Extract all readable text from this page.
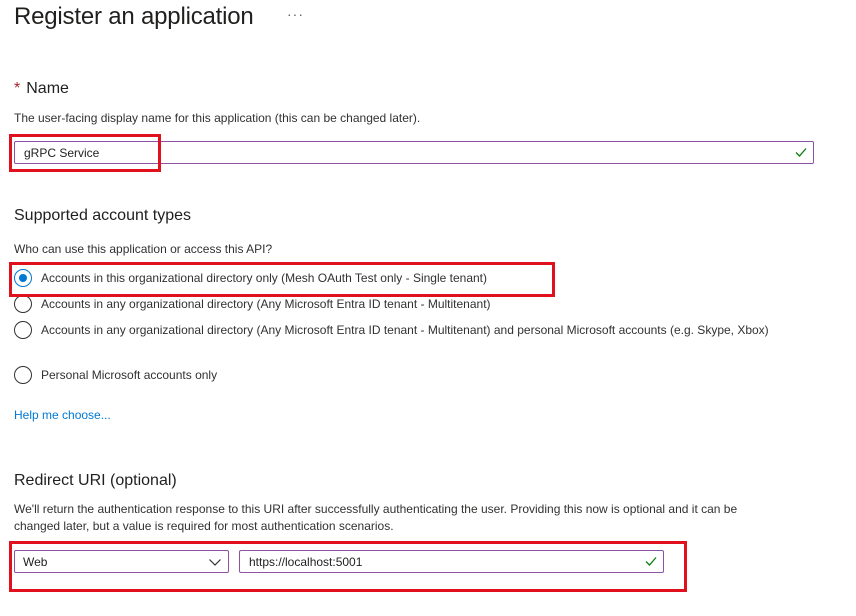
Register an application ···
* Name
The user-facing display name for this application (this can be changed later).
gRPC Service
Supported account types
Who can use this application or access this API?
Accounts in this organizational directory only (Mesh OAuth Test only - Single tenant)
Accounts in any organizational directory (Any Microsoft Entra ID tenant - Multitenant)
Accounts in any organizational directory (Any Microsoft Entra ID tenant - Multitenant) and personal Microsoft accounts (e.g. Skype, Xbox)
Personal Microsoft accounts only
Help me choose...
Redirect URI (optional)
We'll return the authentication response to this URI after successfully authenticating the user. Providing this now is optional and it can be
changed later, but a value is required for most authentication scenarios.
Web	https://localhost:5001
